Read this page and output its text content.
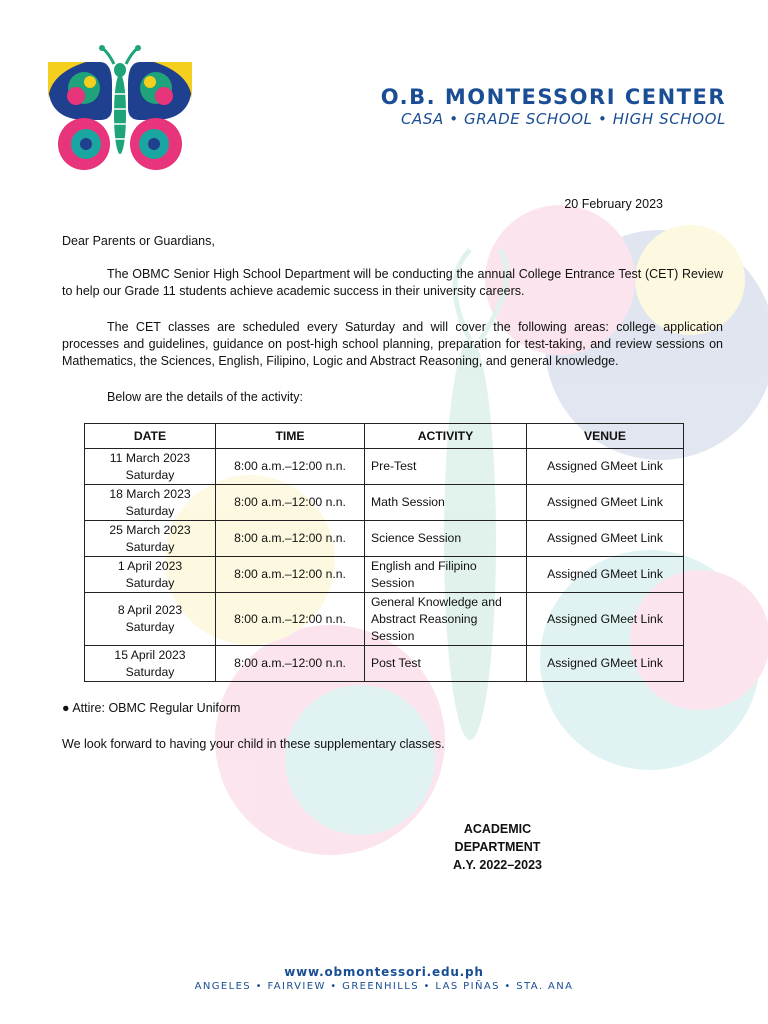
O.B. MONTESSORI CENTER
CASA • GRADE SCHOOL • HIGH SCHOOL
20 February 2023
Dear Parents or Guardians,
The OBMC Senior High School Department will be conducting the annual College Entrance Test (CET) Review to help our Grade 11 students achieve academic success in their university careers.
The CET classes are scheduled every Saturday and will cover the following areas: college application processes and guidelines, guidance on post-high school planning, preparation for test-taking, and review sessions on Mathematics, the Sciences, English, Filipino, Logic and Abstract Reasoning, and general knowledge.
Below are the details of the activity:
DATE	TIME	ACTIVITY	VENUE

11 March 2023
Saturday	8:00 a.m.–12:00 n.n.	Pre-Test	Assigned GMeet Link

18 March 2023
Saturday	8:00 a.m.–12:00 n.n.	Math Session	Assigned GMeet Link

25 March 2023
Saturday	8:00 a.m.–12:00 n.n.	Science Session	Assigned GMeet Link

1 April 2023
Saturday	8:00 a.m.–12:00 n.n.	English and Filipino Session	Assigned GMeet Link

8 April 2023
Saturday	8:00 a.m.–12:00 n.n.	General Knowledge and Abstract Reasoning Session	Assigned GMeet Link

15 April 2023
Saturday	8:00 a.m.–12:00 n.n.	Post Test	Assigned GMeet Link
● Attire: OBMC Regular Uniform
We look forward to having your child in these supplementary classes.
ACADEMIC DEPARTMENT
A.Y. 2022–2023
www.obmontessori.edu.ph
ANGELES • FAIRVIEW • GREENHILLS • LAS PIÑAS • STA. ANA
